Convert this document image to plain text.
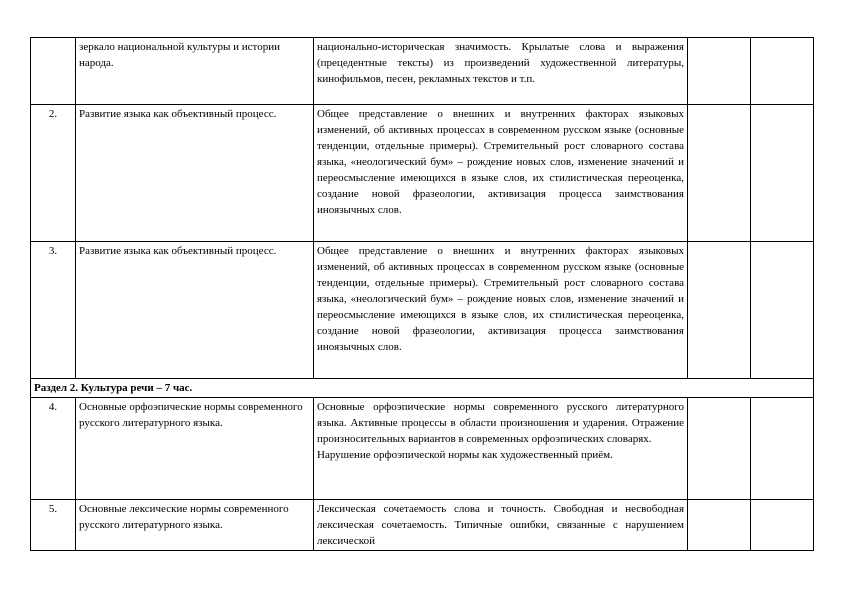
	зеркало национальной культуры и истории народа.	национально-историческая значимость. Крылатые слова и выражения (прецедентные тексты) из произведений художественной литературы, кинофильмов, песен, рекламных текстов и т.п.		

2.	Развитие языка как объективный процесс.	Общее представление о внешних и внутренних факторах языковых изменений, об активных процессах в современном русском языке (основные тенденции, отдельные примеры). Стремительный рост словарного состава языка, «неологический бум» – рождение новых слов, изменение значений и переосмысление имеющихся в языке слов, их стилистическая переоценка, создание новой фразеологии, активизация процесса заимствования иноязычных слов.		

3.	Развитие языка как объективный процесс.	Общее представление о внешних и внутренних факторах языковых изменений, об активных процессах в современном русском языке (основные тенденции, отдельные примеры). Стремительный рост словарного состава языка, «неологический бум» – рождение новых слов, изменение значений и переосмысление имеющихся в языке слов, их стилистическая переоценка, создание новой фразеологии, активизация процесса заимствования иноязычных слов.		

Раздел 2. Культура речи – 7 час.				
4.	Основные орфоэпические нормы современного русского литературного языка.	Основные орфоэпические нормы современного русского литературного языка. Активные процессы в области произношения и ударения. Отражение произносительных вариантов в современных орфоэпических словарях.

Нарушение орфоэпической нормы как художественный приём.		

5.	Основные лексические нормы современного русского литературного языка.	Лексическая сочетаемость слова и точность. Свободная и несвободная лексическая сочетаемость. Типичные ошибки, связанные с нарушением лексической		
